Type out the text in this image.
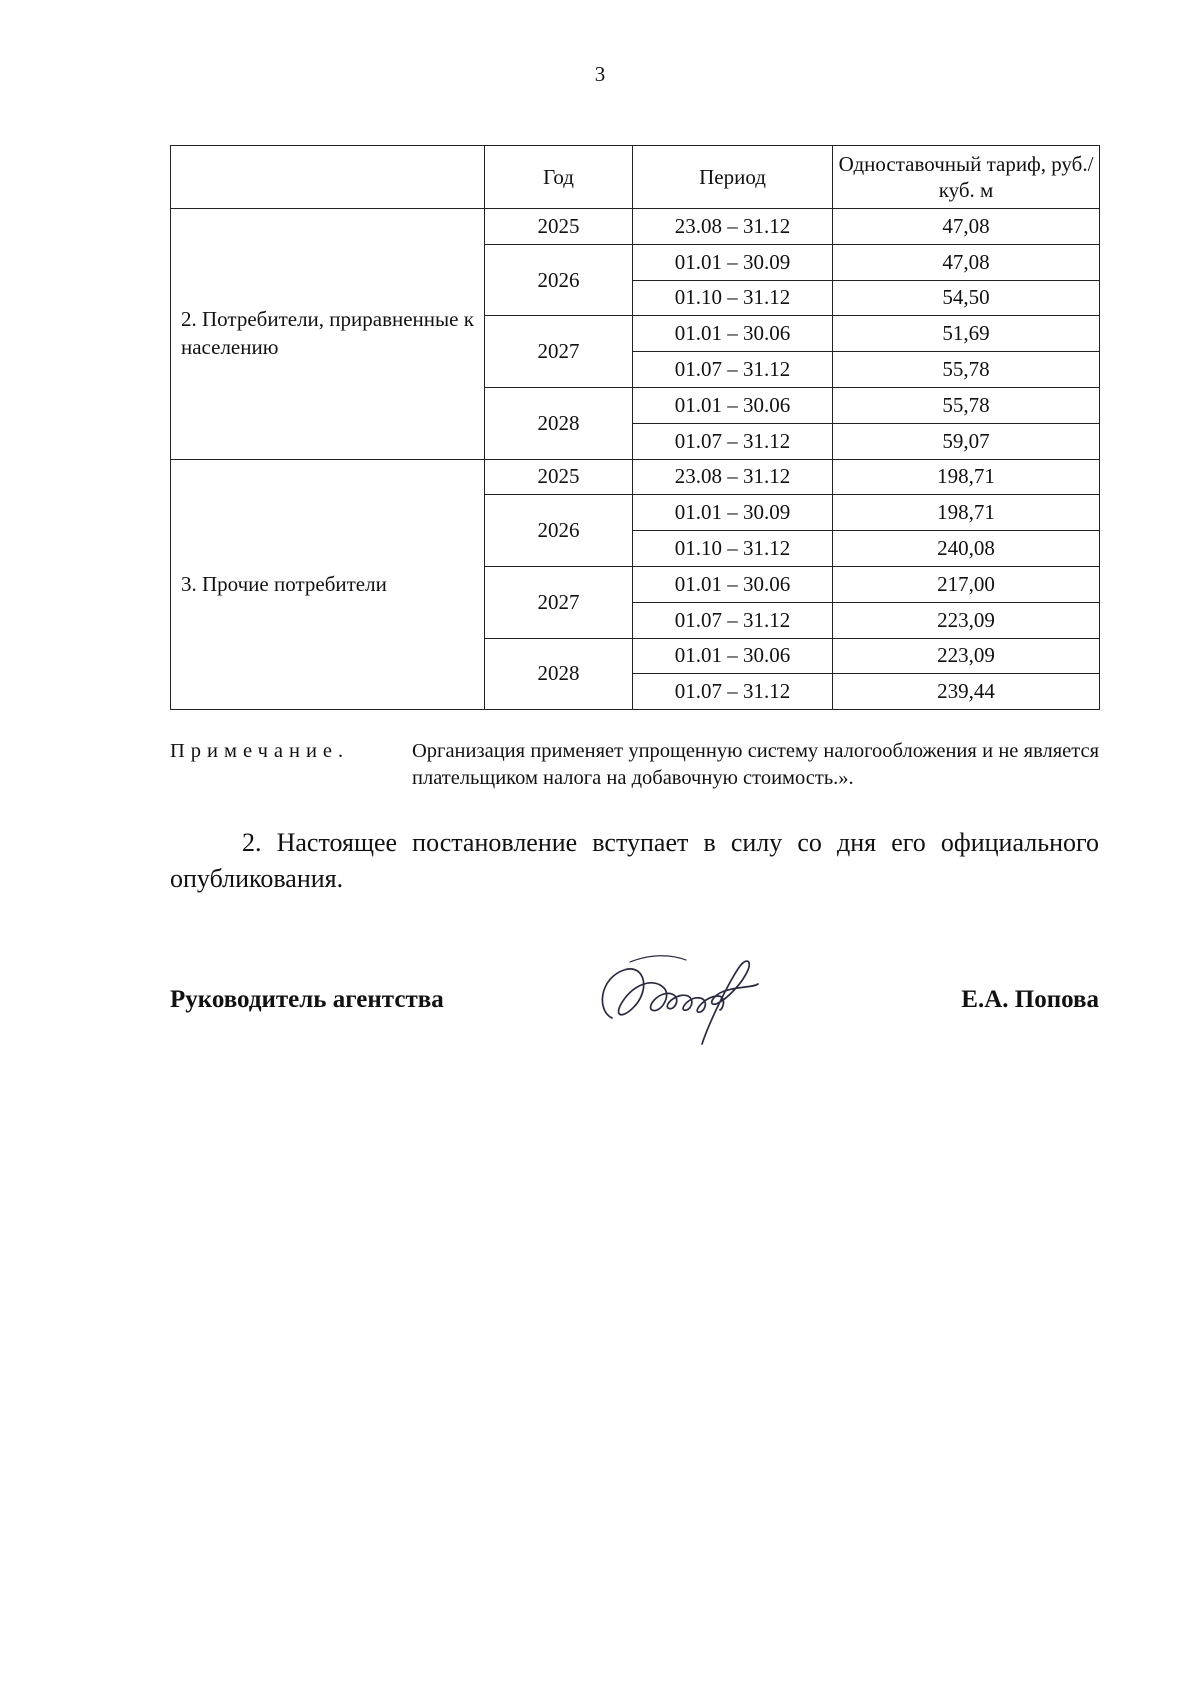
3
	Год	Период	Одноставочный тариф, руб./куб. м
2. Потребители, приравненные к населению	2025	23.08 – 31.12	47,08
	2026	01.01 – 30.09	47,08
		01.10 – 31.12	54,50
	2027	01.01 – 30.06	51,69
		01.07 – 31.12	55,78
	2028	01.01 – 30.06	55,78
		01.07 – 31.12	59,07
3. Прочие потребители	2025	23.08 – 31.12	198,71
	2026	01.01 – 30.09	198,71
		01.10 – 31.12	240,08
	2027	01.01 – 30.06	217,00
		01.07 – 31.12	223,09
	2028	01.01 – 30.06	223,09
		01.07 – 31.12	239,44
Примечание.	Организация применяет упрощенную систему налогообложения и не является плательщиком налога на добавочную стоимость.».

2. Настоящее постановление вступает в силу со дня его официального опубликования.

Руководитель агентства	Е.А. Попова
